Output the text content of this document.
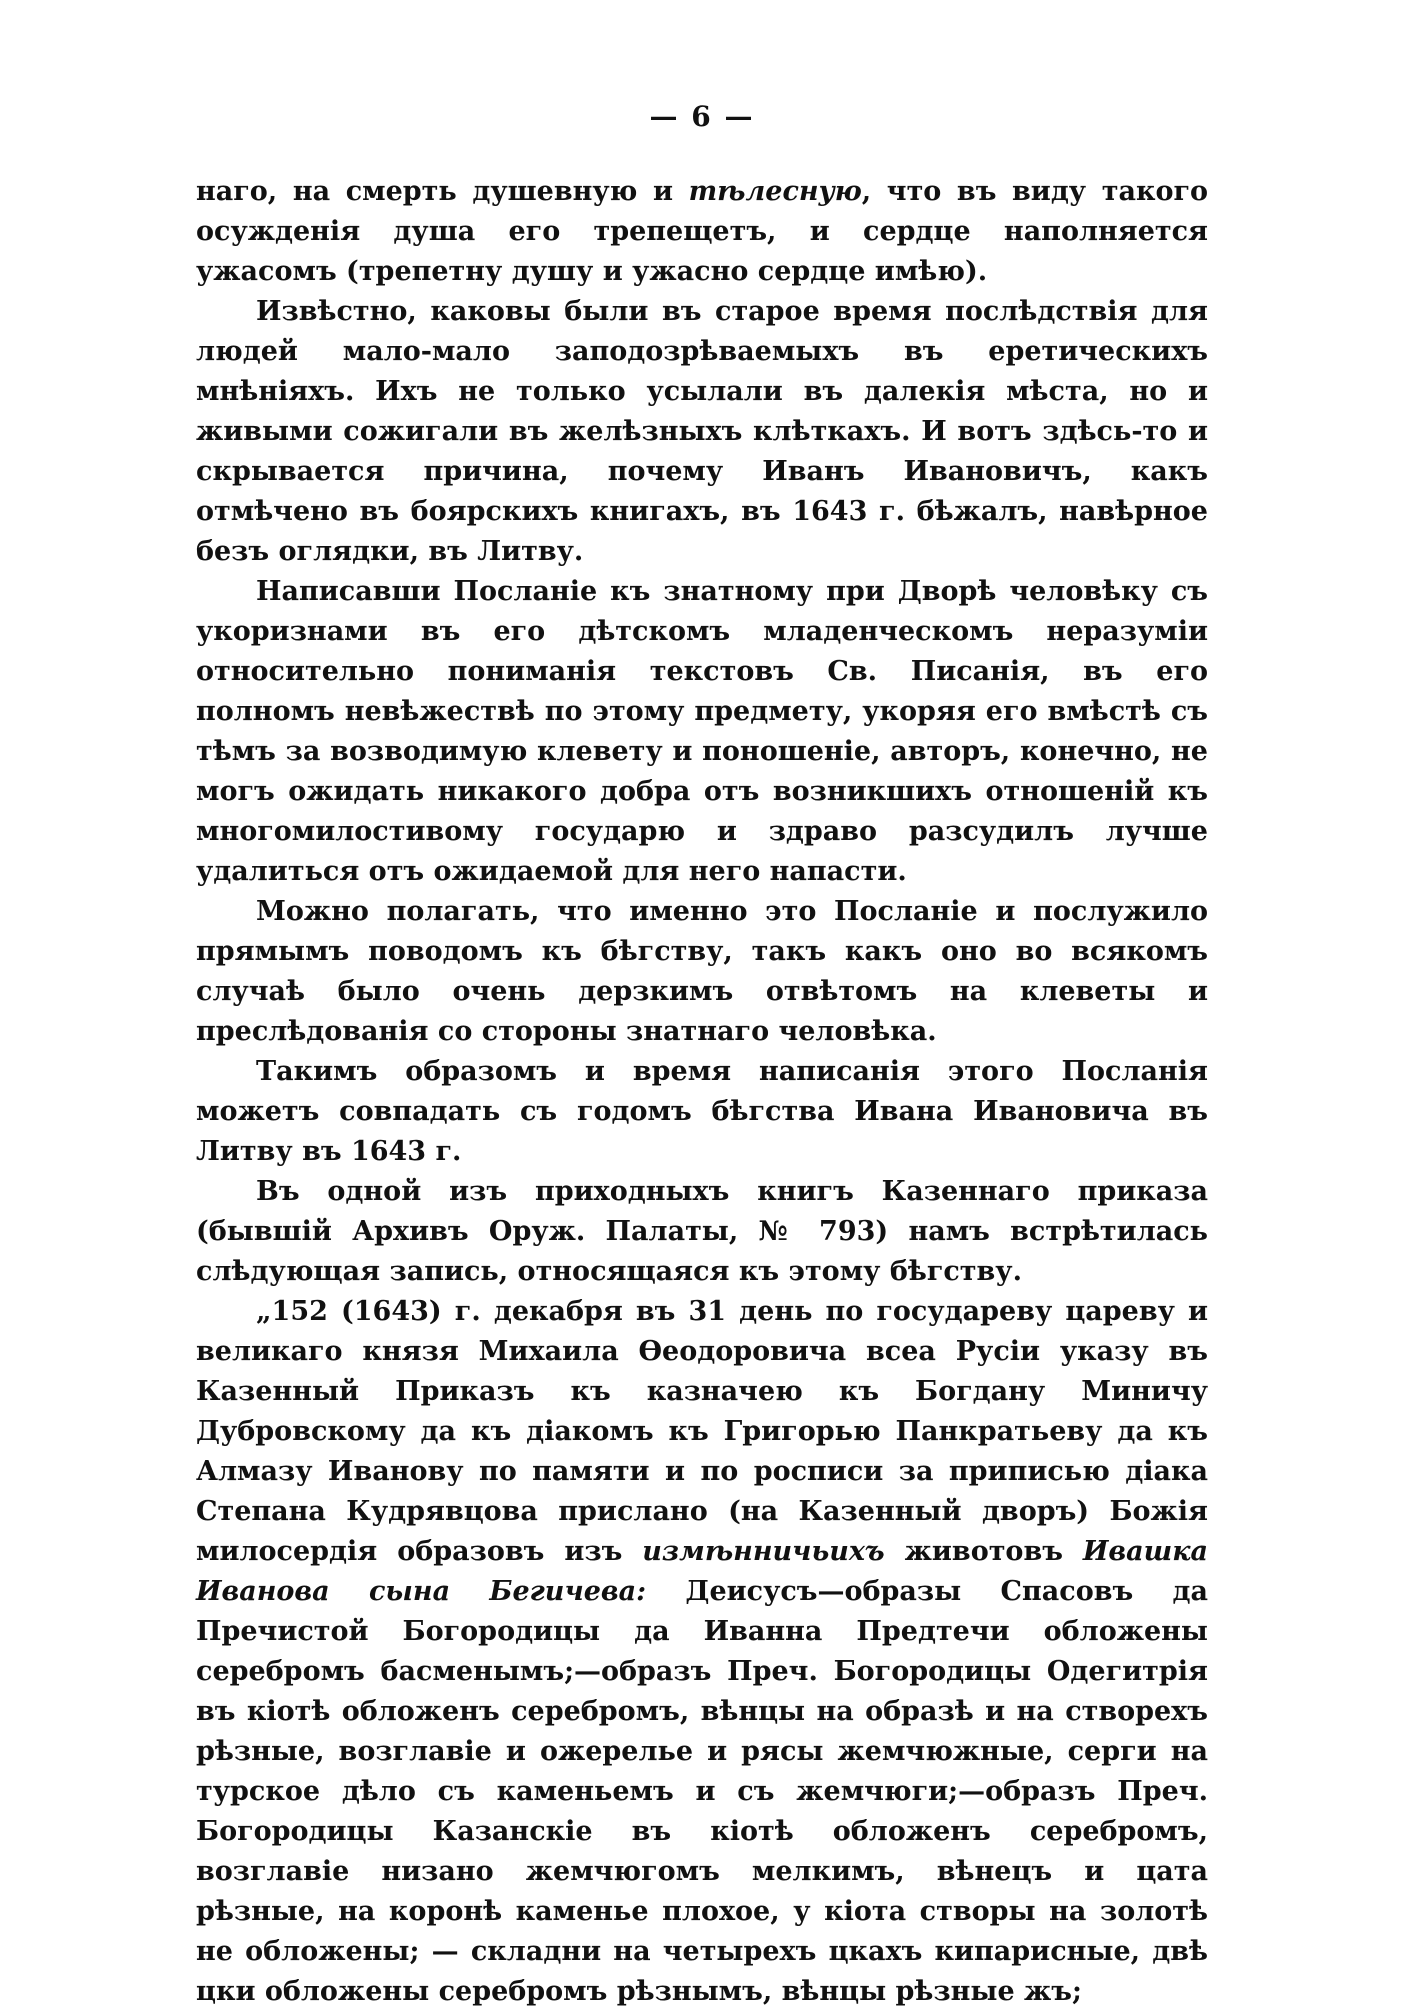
— 6 —

наго, на смерть душевную и тѣлесную, что въ виду такого осужденія душа его трепещетъ, и сердце наполняется ужасомъ (трепетну душу и ужасно сердце имѣю).

Извѣстно, каковы были въ старое время послѣдствія для людей мало-мало заподозрѣваемыхъ въ еретическихъ мнѣніяхъ. Ихъ не только усылали въ далекія мѣста, но и живыми сожигали въ желѣзныхъ клѣткахъ. И вотъ здѣсь-то и скрывается причина, почему Иванъ Ивановичъ, какъ отмѣчено въ боярскихъ книгахъ, въ 1643 г. бѣжалъ, навѣрное безъ оглядки, въ Литву.

Написавши Посланіе къ знатному при Дворѣ человѣку съ укоризнами въ его дѣтскомъ младенческомъ неразуміи относительно пониманія текстовъ Св. Писанія, въ его полномъ невѣжествѣ по этому предмету, укоряя его вмѣстѣ съ тѣмъ за возводимую клевету и поношеніе, авторъ, конечно, не могъ ожидать никакого добра отъ возникшихъ отношеній къ многомилостивому государю и здраво разсудилъ лучше удалиться отъ ожидаемой для него напасти.

Можно полагать, что именно это Посланіе и послужило прямымъ поводомъ къ бѣгству, такъ какъ оно во всякомъ случаѣ было очень дерзкимъ отвѣтомъ на клеветы и преслѣдованія со стороны знатнаго человѣка.

Такимъ образомъ и время написанія этого Посланія можетъ совпадать съ годомъ бѣгства Ивана Ивановича въ Литву въ 1643 г.

Въ одной изъ приходныхъ книгъ Казеннаго приказа (бывшій Архивъ Оруж. Палаты, № 793) намъ встрѣтилась слѣдующая запись, относящаяся къ этому бѣгству.

„152 (1643) г. декабря въ 31 день по государеву цареву и великаго князя Михаила Ѳеодоровича всеа Русіи указу въ Казенный Приказъ къ казначею къ Богдану Миничу Дубровскому да къ діакомъ къ Григорью Панкратьеву да къ Алмазу Иванову по памяти и по росписи за приписью діака Степана Кудрявцова прислано (на Казенный дворъ) Божія милосердія образовъ изъ измѣнничьихъ животовъ Ивашка Иванова сына Бегичева: Деисусъ—образы Спасовъ да Пречистой Богородицы да Иванна Предтечи обложены серебромъ басменымъ;—образъ Преч. Богородицы Одегитрія въ кіотѣ обложенъ серебромъ, вѣнцы на образѣ и на створехъ рѣзные, возглавіе и ожерелье и рясы жемчюжные, серги на турское дѣло съ каменьемъ и съ жемчюги;—образъ Преч. Богородицы Казанскіе въ кіотѣ обложенъ серебромъ, возглавіе низано жемчюгомъ мелкимъ, вѣнецъ и цата рѣзные, на коронѣ каменье плохое, у кіота створы на золотѣ не обложены; — складни на четырехъ цкахъ кипарисные, двѣ цки обложены серебромъ рѣзнымъ, вѣнцы рѣзные жъ;
